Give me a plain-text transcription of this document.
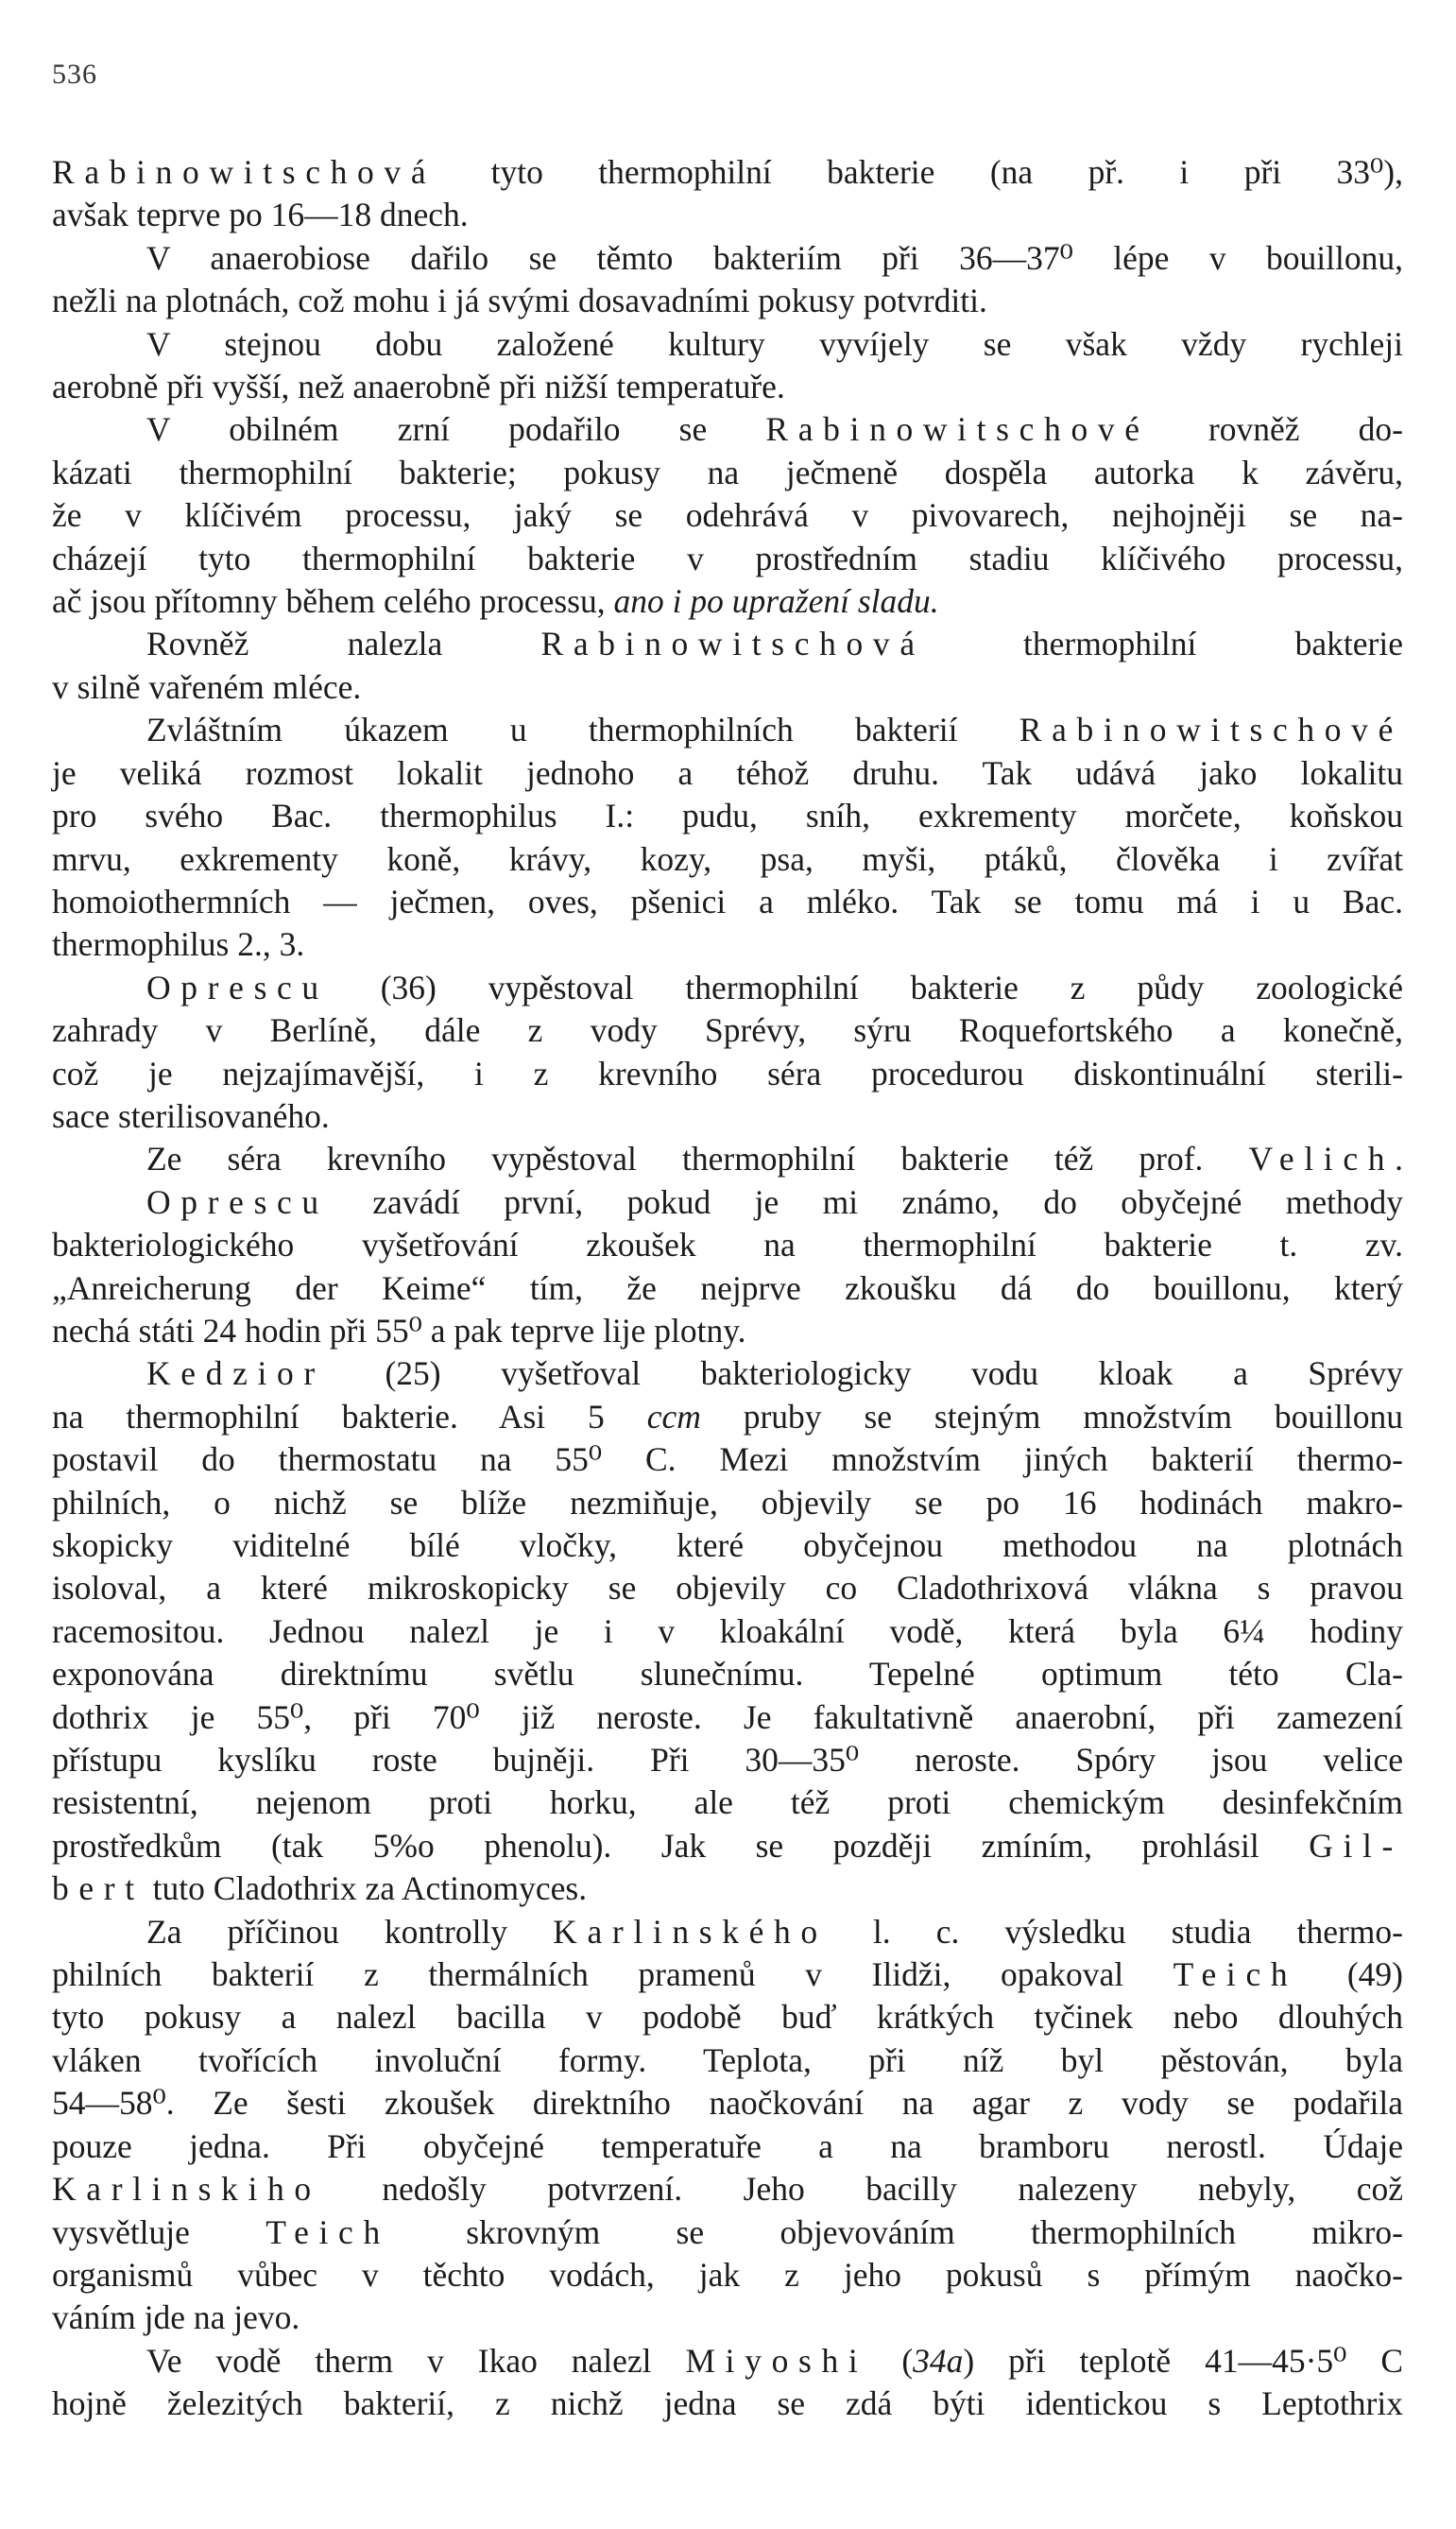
536
Rabinowitschová tyto thermophilní bakterie (na př. i při 33⁰),
avšak teprve po 16—18 dnech.
V anaerobiose dařilo se těmto bakteriím při 36—37⁰ lépe v bouillonu,
nežli na plotnách, což mohu i já svými dosavadními pokusy potvrditi.
V stejnou dobu založené kultury vyvíjely se však vždy rychleji
aerobně při vyšší, než anaerobně při nižší temperatuře.
V obilném zrní podařilo se Rabinowitschové rovněž do-
kázati thermophilní bakterie; pokusy na ječmeně dospěla autorka k závěru,
že v klíčivém processu, jaký se odehrává v pivovarech, nejhojněji se na-
cházejí tyto thermophilní bakterie v prostředním stadiu klíčivého processu,
ač jsou přítomny během celého processu, ano i po upražení sladu.
Rovněž nalezla Rabinowitschová thermophilní bakterie
v silně vařeném mléce.
Zvláštním úkazem u thermophilních bakterií Rabinowitschové
je veliká rozmost lokalit jednoho a téhož druhu. Tak udává jako lokalitu
pro svého Bac. thermophilus I.: pudu, sníh, exkrementy morčete, koňskou
mrvu, exkrementy koně, krávy, kozy, psa, myši, ptáků, člověka i zvířat
homoiothermních — ječmen, oves, pšenici a mléko. Tak se tomu má i u Bac.
thermophilus 2., 3.
Oprescu (36) vypěstoval thermophilní bakterie z půdy zoologické
zahrady v Berlíně, dále z vody Sprévy, sýru Roquefortského a konečně,
což je nejzajímavější, i z krevního séra procedurou diskontinuální sterili-
sace sterilisovaného.
Ze séra krevního vypěstoval thermophilní bakterie též prof. Velich.
Oprescu zavádí první, pokud je mi známo, do obyčejné methody
bakteriologického vyšetřování zkoušek na thermophilní bakterie t. zv.
„Anreicherung der Keime“ tím, že nejprve zkoušku dá do bouillonu, který
nechá státi 24 hodin při 55⁰ a pak teprve lije plotny.
Kedzior (25) vyšetřoval bakteriologicky vodu kloak a Sprévy
na thermophilní bakterie. Asi 5 ccm pruby se stejným množstvím bouillonu
postavil do thermostatu na 55⁰ C. Mezi množstvím jiných bakterií thermo-
philních, o nichž se blíže nezmiňuje, objevily se po 16 hodinách makro-
skopicky viditelné bílé vločky, které obyčejnou methodou na plotnách
isoloval, a které mikroskopicky se objevily co Cladothrixová vlákna s pravou
racemositou. Jednou nalezl je i v kloakální vodě, která byla 6¼ hodiny
exponována direktnímu světlu slunečnímu. Tepelné optimum této Cla-
dothrix je 55⁰, při 70⁰ již neroste. Je fakultativně anaerobní, při zamezení
přístupu kyslíku roste bujněji. Při 30—35⁰ neroste. Spóry jsou velice
resistentní, nejenom proti horku, ale též proti chemickým desinfekčním
prostředkům (tak 5%o phenolu). Jak se později zmíním, prohlásil Gil-
bert tuto Cladothrix za Actinomyces.
Za příčinou kontrolly Karlinského l. c. výsledku studia thermo-
philních bakterií z thermálních pramenů v Ilidži, opakoval Teich (49)
tyto pokusy a nalezl bacilla v podobě buď krátkých tyčinek nebo dlouhých
vláken tvořících involuční formy. Teplota, při níž byl pěstován, byla
54—58⁰. Ze šesti zkoušek direktního naočkování na agar z vody se podařila
pouze jedna. Při obyčejné temperatuře a na bramboru nerostl. Údaje
Karlinskiho nedošly potvrzení. Jeho bacilly nalezeny nebyly, což
vysvětluje Teich skrovným se objevováním thermophilních mikro-
organismů vůbec v těchto vodách, jak z jeho pokusů s přímým naočko-
váním jde na jevo.
Ve vodě therm v Ikao nalezl Miyoshi (34a) při teplotě 41—45·5⁰ C
hojně železitých bakterií, z nichž jedna se zdá býti identickou s Leptothrix
